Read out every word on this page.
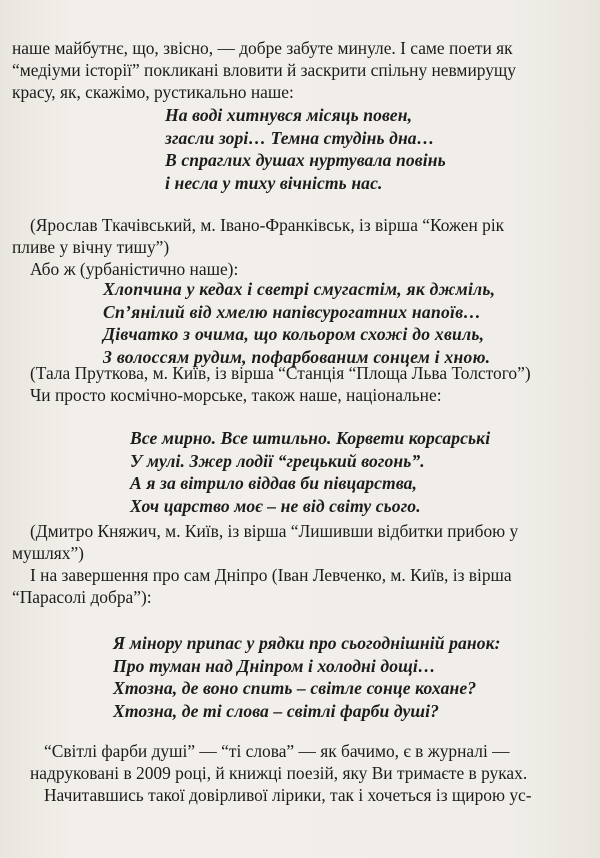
наше майбутнє, що, звісно, — добре забуте минуле. І саме поети як
“медіуми історії” покликані вловити й заскрити спільну невмирущу
красу, як, скажімо, рустикально наше:
На воді хитнувся місяць повен,
згасли зорі… Темна студінь дна…
В спраглих душах нуртувала повінь
і несла у тиху вічність нас.
(Ярослав Ткачівський, м. Івано-Франківськ, із вірша “Кожен рік
пливе у вічну тишу”)
Або ж (урбаністично наше):
Хлопчина у кедах і светрі смугастім, як джміль,
Сп’янілий від хмелю напівсурогатних напоїв…
Дівчатко з очима, що кольором схожі до хвиль,
З волоссям рудим, пофарбованим сонцем і хною.
(Тала Пруткова, м. Київ, із вірша “Станція “Площа Льва Толстого”)
Чи просто космічно-морське, також наше, національне:
Все мирно. Все штильно. Корвети корсарські
У мулі. Зжер лодії “грецький вогонь”.
А я за вітрило віддав би півцарства,
Хоч царство моє – не від світу сього.
(Дмитро Княжич, м. Київ, із вірша “Лишивши відбитки прибою у
мушлях”)
І на завершення про сам Дніпро (Іван Левченко, м. Київ, із вірша
“Парасолі добра”):
Я мінору припас у рядки про сьогоднішній ранок:
Про туман над Дніпром і холодні дощі…
Хтозна, де воно спить – світле сонце кохане?
Хтозна, де ті слова – світлі фарби душі?
“Світлі фарби душі” — “ті слова” — як бачимо, є в журналі —
надруковані в 2009 році, й книжці поезій, яку Ви тримаєте в руках.
Начитавшись такої довірливої лірики, так і хочеться із щирою ус-
